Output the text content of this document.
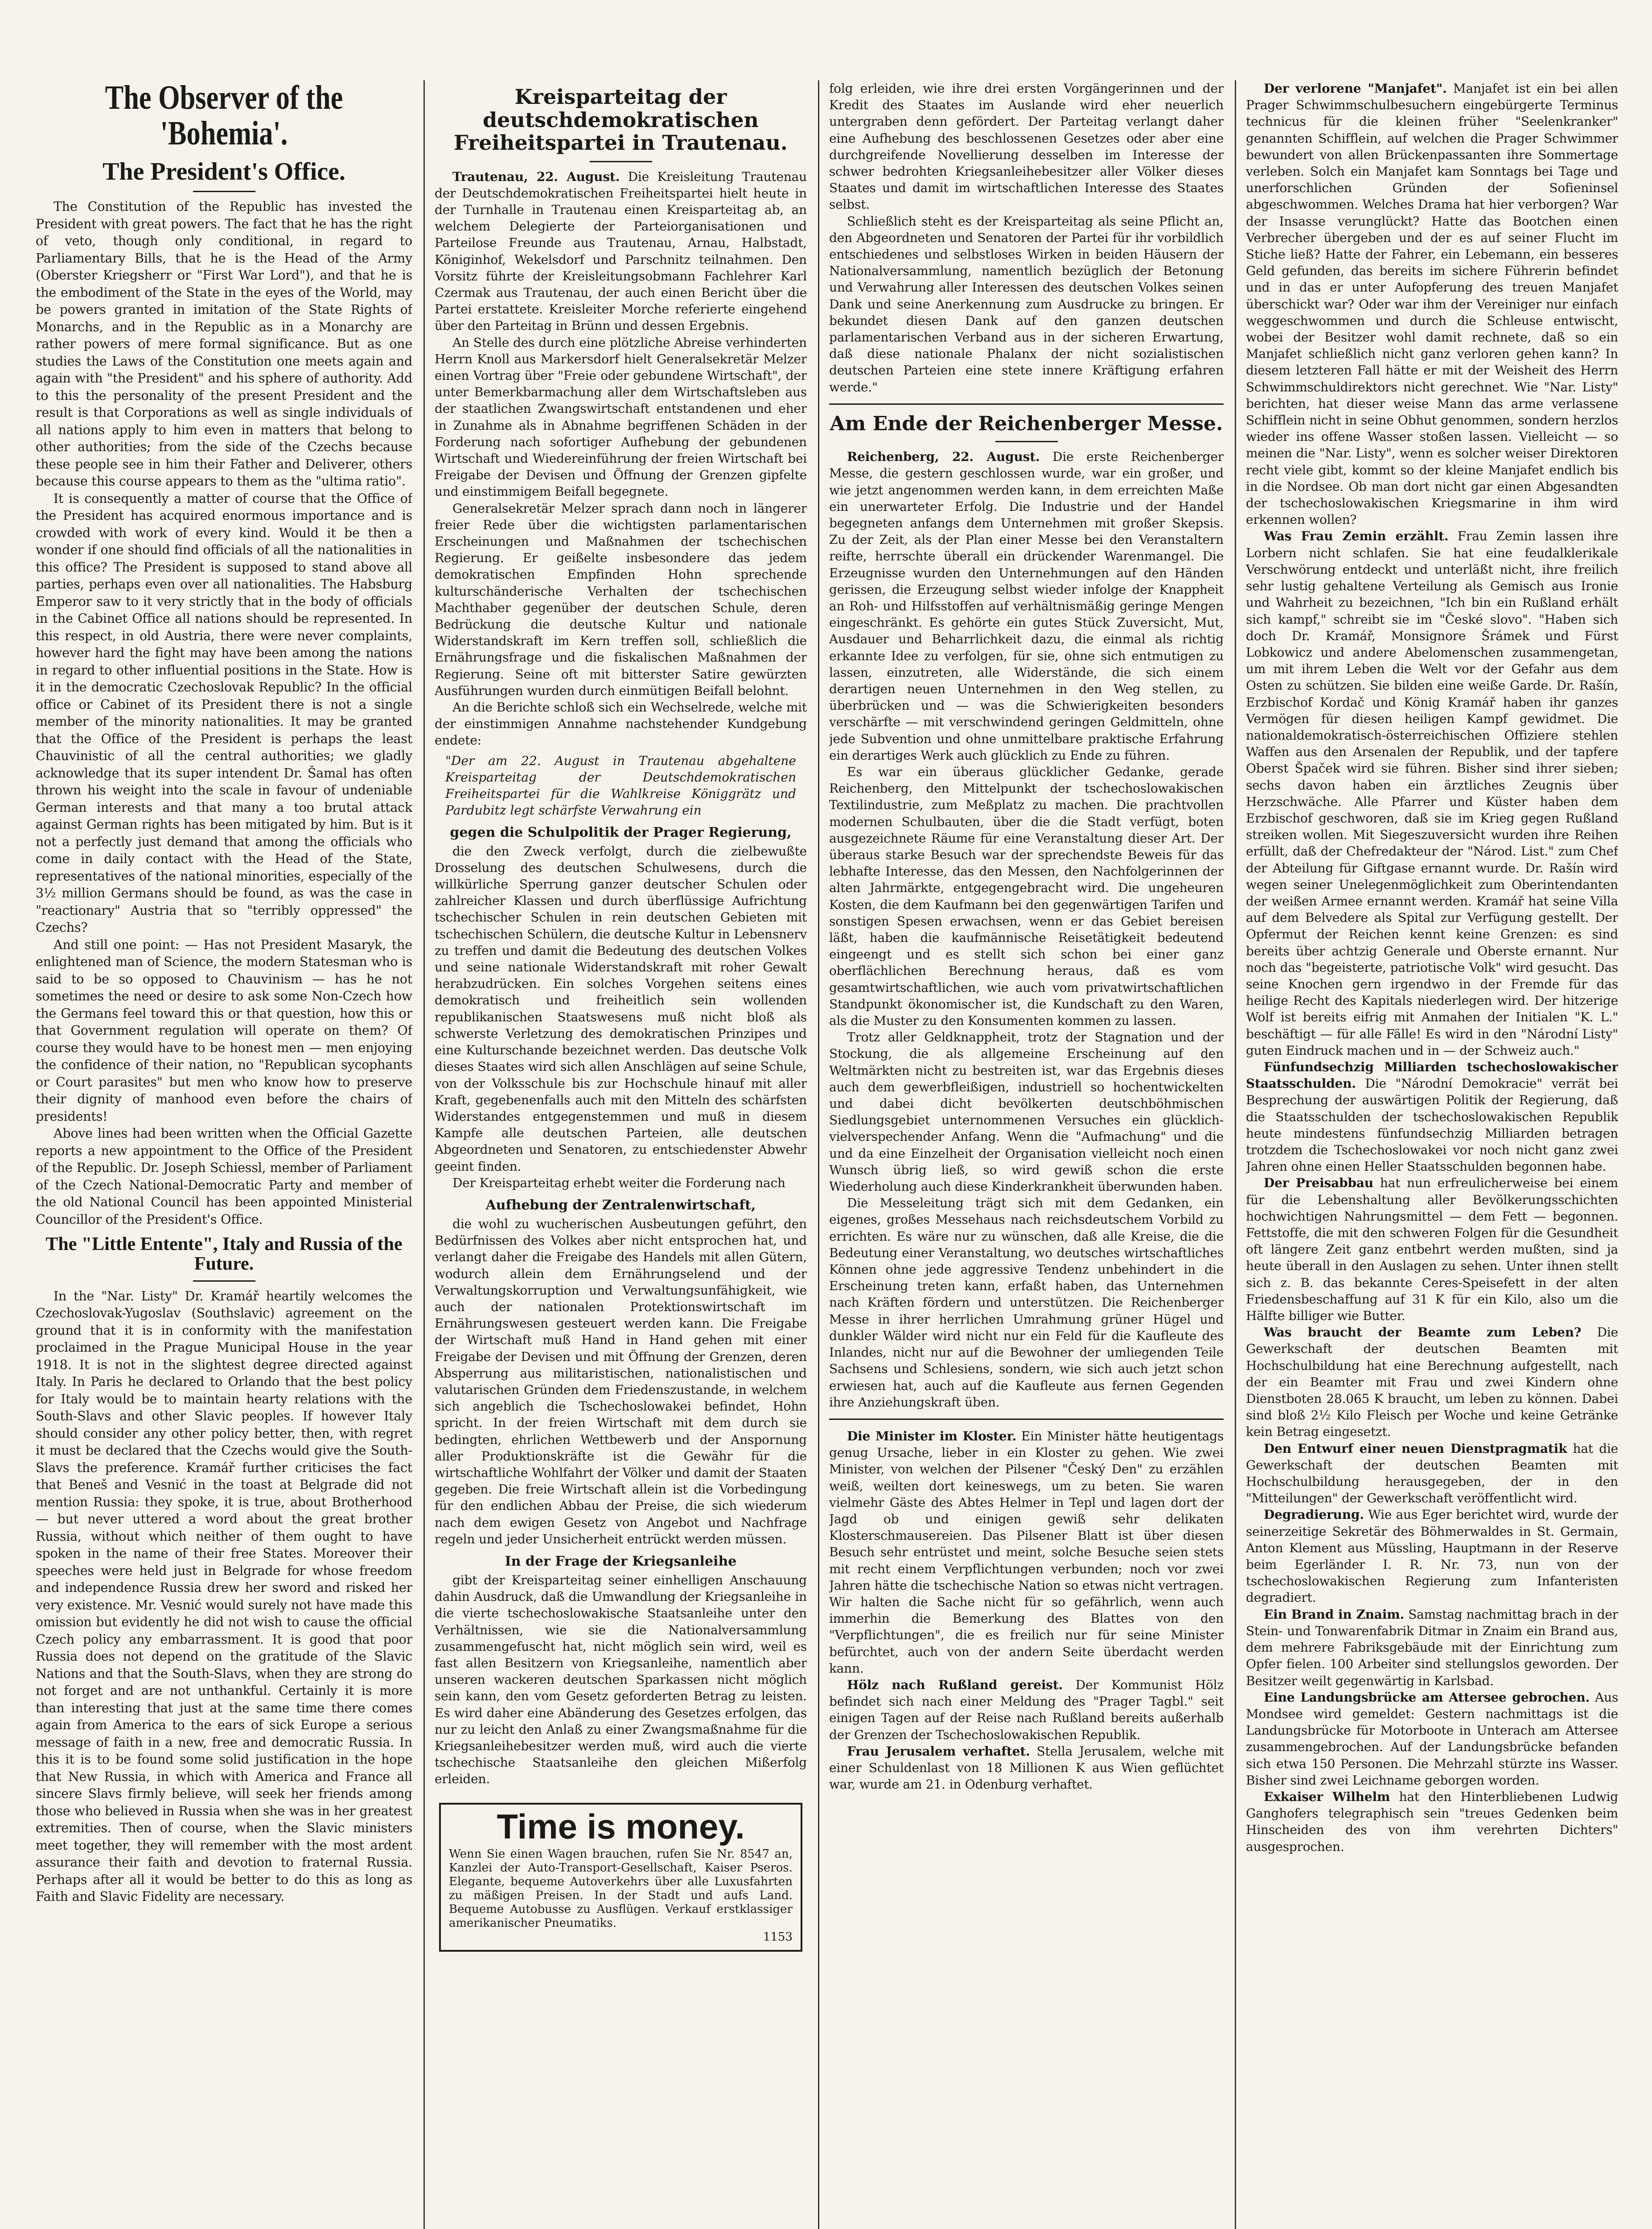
The Observer of the 'Bohemia'.
The President's Office.

The Constitution of the Republic has invested the President with great powers. The fact that he has the right of veto, though only conditional, in regard to Parliamentary Bills, that he is the Head of the Army (Oberster Kriegsherr or "First War Lord"), and that he is the embodiment of the State in the eyes of the World, may be powers granted in imitation of the State Rights of Monarchs, and in the Republic as in a Monarchy are rather powers of mere formal significance. But as one studies the Laws of the Constitution one meets again and again with "the President" and his sphere of authority. Add to this the personality of the present President and the result is that Corporations as well as single individuals of all nations apply to him even in matters that belong to other authorities; from the side of the Czechs because these people see in him their Father and Deliverer, others because this course appears to them as the "ultima ratio".

It is consequently a matter of course that the Office of the President has acquired enormous importance and is crowded with work of every kind. Would it be then a wonder if one should find officials of all the nationalities in this office? The President is supposed to stand above all parties, perhaps even over all nationalities. The Habsburg Emperor saw to it very strictly that in the body of officials in the Cabinet Office all nations should be represented. In this respect, in old Austria, there were never complaints, however hard the fight may have been among the nations in regard to other influential positions in the State. How is it in the democratic Czechoslovak Republic? In the official office or Cabinet of its President there is not a single member of the minority nationalities. It may be granted that the Office of the President is perhaps the least Chauvinistic of all the central authorities; we gladly acknowledge that its super intendent Dr. Šamal has often thrown his weight into the scale in favour of undeniable German interests and that many a too brutal attack against German rights has been mitigated by him. But is it not a perfectly just demand that among the officials who come in daily contact with the Head of the State, representatives of the national minorities, especially of the 3½ million Germans should be found, as was the case in "reactionary" Austria that so "terribly oppressed" the Czechs?

And still one point: — Has not President Masaryk, the enlightened man of Science, the modern Statesman who is said to be so opposed to Chauvinism — has he not sometimes the need or desire to ask some Non-Czech how the Germans feel toward this or that question, how this or that Government regulation will operate on them? Of course they would have to be honest men — men enjoying the confidence of their nation, no "Republican sycophants or Court parasites" but men who know how to preserve their dignity of manhood even before the chairs of presidents!

Above lines had been written when the Official Gazette reports a new appointment to the Office of the President of the Republic. Dr. Joseph Schiessl, member of Parliament of the Czech National-Democratic Party and member of the old National Council has been appointed Ministerial Councillor of the President's Office.

The "Little Entente", Italy and Russia of the Future.

In the "Nar. Listy" Dr. Kramář heartily welcomes the Czechoslovak-Yugoslav (Southslavic) agreement on the ground that it is in conformity with the manifestation proclaimed in the Prague Municipal House in the year 1918. It is not in the slightest degree directed against Italy. In Paris he declared to Orlando that the best policy for Italy would be to maintain hearty relations with the South-Slavs and other Slavic peoples. If however Italy should consider any other policy better, then, with regret it must be declared that the Czechs would give the South-Slavs the preference. Kramář further criticises the fact that Beneš and Vesnić in the toast at Belgrade did not mention Russia: they spoke, it is true, about Brotherhood — but never uttered a word about the great brother Russia, without which neither of them ought to have spoken in the name of their free States. Moreover their speeches were held just in Belgrade for whose freedom and independence Russia drew her sword and risked her very existence. Mr. Vesnić would surely not have made this omission but evidently he did not wish to cause the official Czech policy any embarrassment. It is good that poor Russia does not depend on the gratitude of the Slavic Nations and that the South-Slavs, when they are strong do not forget and are not unthankful. Certainly it is more than interesting that just at the same time there comes again from America to the ears of sick Europe a serious message of faith in a new, free and democratic Russia. In this it is to be found some solid justification in the hope that New Russia, in which with America and France all sincere Slavs firmly believe, will seek her friends among those who believed in Russia when she was in her greatest extremities. Then of course, when the Slavic ministers meet together, they will remember with the most ardent assurance their faith and devotion to fraternal Russia. Perhaps after all it would be better to do this as long as Faith and Slavic Fidelity are necessary.

Kreisparteitag der deutschdemokratischen Freiheitspartei in Trautenau.

Trautenau, 22. August. Die Kreisleitung Trautenau der Deutschdemokratischen Freiheitspartei hielt heute in der Turnhalle in Trautenau einen Kreisparteitag ab, an welchem Delegierte der Parteiorganisationen und Parteilose Freunde aus Trautenau, Arnau, Halbstadt, Königinhof, Wekelsdorf und Parschnitz teilnahmen. Den Vorsitz führte der Kreisleitungsobmann Fachlehrer Karl Czermak aus Trautenau, der auch einen Bericht über die Partei erstattete. Kreisleiter Morche referierte eingehend über den Parteitag in Brünn und dessen Ergebnis.

An Stelle des durch eine plötzliche Abreise verhinderten Herrn Knoll aus Markersdorf hielt Generalsekretär Melzer einen Vortrag über "Freie oder gebundene Wirtschaft", der unter Bemerkbarmachung aller dem Wirtschaftsleben aus der staatlichen Zwangswirtschaft entstandenen und eher in Zunahme als in Abnahme begriffenen Schäden in der Forderung nach sofortiger Aufhebung der gebundenen Wirtschaft und Wiedereinführung der freien Wirtschaft bei Freigabe der Devisen und Öffnung der Grenzen gipfelte und einstimmigem Beifall begegnete.

Generalsekretär Melzer sprach dann noch in längerer freier Rede über die wichtigsten parlamentarischen Erscheinungen und Maßnahmen der tschechischen Regierung. Er geißelte insbesondere das jedem demokratischen Empfinden Hohn sprechende kulturschänderische Verhalten der tschechischen Machthaber gegenüber der deutschen Schule, deren Bedrückung die deutsche Kultur und nationale Widerstandskraft im Kern treffen soll, schließlich die Ernährungsfrage und die fiskalischen Maßnahmen der Regierung. Seine oft mit bitterster Satire gewürzten Ausführungen wurden durch einmütigen Beifall belohnt.

An die Berichte schloß sich ein Wechselrede, welche mit der einstimmigen Annahme nachstehender Kundgebung endete:

"Der am 22. August in Trautenau abgehaltene Kreisparteitag der Deutschdemokratischen Freiheitspartei für die Wahlkreise Königgrätz und Pardubitz legt schärfste Verwahrung ein
gegen die Schulpolitik der Prager Regierung,

die den Zweck verfolgt, durch die zielbewußte Drosselung des deutschen Schulwesens, durch die willkürliche Sperrung ganzer deutscher Schulen oder zahlreicher Klassen und durch überflüssige Aufrichtung tschechischer Schulen in rein deutschen Gebieten mit tschechischen Schülern, die deutsche Kultur in Lebensnerv zu treffen und damit die Bedeutung des deutschen Volkes und seine nationale Widerstandskraft mit roher Gewalt herabzudrücken. Ein solches Vorgehen seitens eines demokratisch und freiheitlich sein wollenden republikanischen Staatswesens muß nicht bloß als schwerste Verletzung des demokratischen Prinzipes und eine Kulturschande bezeichnet werden. Das deutsche Volk dieses Staates wird sich allen Anschlägen auf seine Schule, von der Volksschule bis zur Hochschule hinauf mit aller Kraft, gegebenenfalls auch mit den Mitteln des schärfsten Widerstandes entgegenstemmen und muß in diesem Kampfe alle deutschen Parteien, alle deutschen Abgeordneten und Senatoren, zu entschiedenster Abwehr geeint finden.

Der Kreisparteitag erhebt weiter die Forderung nach

Aufhebung der Zentralenwirtschaft,

die wohl zu wucherischen Ausbeutungen geführt, den Bedürfnissen des Volkes aber nicht entsprochen hat, und verlangt daher die Freigabe des Handels mit allen Gütern, wodurch allein dem Ernährungselend und der Verwaltungskorruption und Verwaltungsunfähigkeit, wie auch der nationalen Protektionswirtschaft im Ernährungswesen gesteuert werden kann. Die Freigabe der Wirtschaft muß Hand in Hand gehen mit einer Freigabe der Devisen und mit Öffnung der Grenzen, deren Absperrung aus militaristischen, nationalistischen und valutarischen Gründen dem Friedenszustande, in welchem sich angeblich die Tschechoslowakei befindet, Hohn spricht. In der freien Wirtschaft mit dem durch sie bedingten, ehrlichen Wettbewerb und der Anspornung aller Produktionskräfte ist die Gewähr für die wirtschaftliche Wohlfahrt der Völker und damit der Staaten gegeben. Die freie Wirtschaft allein ist die Vorbedingung für den endlichen Abbau der Preise, die sich wiederum nach dem ewigen Gesetz von Angebot und Nachfrage regeln und jeder Unsicherheit entrückt werden müssen.

In der Frage der Kriegsanleihe

gibt der Kreisparteitag seiner einhelligen Anschauung dahin Ausdruck, daß die Umwandlung der Kriegsanleihe in die vierte tschechoslowakische Staatsanleihe unter den Verhältnissen, wie sie die Nationalversammlung zusammengefuscht hat, nicht möglich sein wird, weil es fast allen Besitzern von Kriegsanleihe, namentlich aber unseren wackeren deutschen Sparkassen nicht möglich sein kann, den vom Gesetz geforderten Betrag zu leisten. Es wird daher eine Abänderung des Gesetzes erfolgen, das nur zu leicht den Anlaß zu einer Zwangsmaßnahme für die Kriegsanleihebesitzer werden muß, wird auch die vierte tschechische Staatsanleihe den gleichen Mißerfolg erleiden.

Time is money.
Wenn Sie einen Wagen brauchen, rufen Sie Nr. 8547 an, Kanzlei der Auto-Transport-Gesellschaft, Kaiser Pseros. Elegante, bequeme Autoverkehrs über alle Luxusfahrten zu mäßigen Preisen. In der Stadt und aufs Land. Bequeme Autobusse zu Ausflügen. Verkauf erstklassiger amerikanischer Pneumatiks.
1153

folg erleiden, wie ihre drei ersten Vorgängerinnen und der Kredit des Staates im Auslande wird eher neuerlich untergraben denn gefördert. Der Parteitag verlangt daher eine Aufhebung des beschlossenen Gesetzes oder aber eine durchgreifende Novellierung desselben im Interesse der schwer bedrohten Kriegsanleihebesitzer aller Völker dieses Staates und damit im wirtschaftlichen Interesse des Staates selbst.

Schließlich steht es der Kreisparteitag als seine Pflicht an, den Abgeordneten und Senatoren der Partei für ihr vorbildlich entschiedenes und selbstloses Wirken in beiden Häusern der Nationalversammlung, namentlich bezüglich der Betonung und Verwahrung aller Interessen des deutschen Volkes seinen Dank und seine Anerkennung zum Ausdrucke zu bringen. Er bekundet diesen Dank auf den ganzen deutschen parlamentarischen Verband aus in der sicheren Erwartung, daß diese nationale Phalanx der nicht sozialistischen deutschen Parteien eine stete innere Kräftigung erfahren werde."

Am Ende der Reichenberger Messe.

Reichenberg, 22. August. Die erste Reichenberger Messe, die gestern geschlossen wurde, war ein großer, und wie jetzt angenommen werden kann, in dem erreichten Maße ein unerwarteter Erfolg. Die Industrie und der Handel begegneten anfangs dem Unternehmen mit großer Skepsis. Zu der Zeit, als der Plan einer Messe bei den Veranstaltern reifte, herrschte überall ein drückender Warenmangel. Die Erzeugnisse wurden den Unternehmungen auf den Händen gerissen, die Erzeugung selbst wieder infolge der Knappheit an Roh- und Hilfsstoffen auf verhältnismäßig geringe Mengen eingeschränkt. Es gehörte ein gutes Stück Zuversicht, Mut, Ausdauer und Beharrlichkeit dazu, die einmal als richtig erkannte Idee zu verfolgen, für sie, ohne sich entmutigen zu lassen, einzutreten, alle Widerstände, die sich einem derartigen neuen Unternehmen in den Weg stellen, zu überbrücken und — was die Schwierigkeiten besonders verschärfte — mit verschwindend geringen Geldmitteln, ohne jede Subvention und ohne unmittelbare praktische Erfahrung ein derartiges Werk auch glücklich zu Ende zu führen.

Es war ein überaus glücklicher Gedanke, gerade Reichenberg, den Mittelpunkt der tschechoslowakischen Textilindustrie, zum Meßplatz zu machen. Die prachtvollen modernen Schulbauten, über die die Stadt verfügt, boten ausgezeichnete Räume für eine Veranstaltung dieser Art. Der überaus starke Besuch war der sprechendste Beweis für das lebhafte Interesse, das den Messen, den Nachfolgerinnen der alten Jahrmärkte, entgegengebracht wird. Die ungeheuren Kosten, die dem Kaufmann bei den gegenwärtigen Tarifen und sonstigen Spesen erwachsen, wenn er das Gebiet bereisen läßt, haben die kaufmännische Reisetätigkeit bedeutend eingeengt und es stellt sich schon bei einer ganz oberflächlichen Berechnung heraus, daß es vom gesamtwirtschaftlichen, wie auch vom privatwirtschaftlichen Standpunkt ökonomischer ist, die Kundschaft zu den Waren, als die Muster zu den Konsumenten kommen zu lassen.

Trotz aller Geldknappheit, trotz der Stagnation und der Stockung, die als allgemeine Erscheinung auf den Weltmärkten nicht zu bestreiten ist, war das Ergebnis dieses auch dem gewerbfleißigen, industriell so hochentwickelten und dabei dicht bevölkerten deutschböhmischen Siedlungsgebiet unternommenen Versuches ein glücklich-vielverspechender Anfang. Wenn die "Aufmachung" und die und da eine Einzelheit der Organisation vielleicht noch einen Wunsch übrig ließ, so wird gewiß schon die erste Wiederholung auch diese Kinderkrankheit überwunden haben.

Die Messeleitung trägt sich mit dem Gedanken, ein eigenes, großes Messehaus nach reichsdeutschem Vorbild zu errichten. Es wäre nur zu wünschen, daß alle Kreise, die die Bedeutung einer Veranstaltung, wo deutsches wirtschaftliches Können ohne jede aggressive Tendenz unbehindert in die Erscheinung treten kann, erfaßt haben, das Unternehmen nach Kräften fördern und unterstützen. Die Reichenberger Messe in ihrer herrlichen Umrahmung grüner Hügel und dunkler Wälder wird nicht nur ein Feld für die Kaufleute des Inlandes, nicht nur auf die Bewohner der umliegenden Teile Sachsens und Schlesiens, sondern, wie sich auch jetzt schon erwiesen hat, auch auf die Kaufleute aus fernen Gegenden ihre Anziehungskraft üben.

Die Minister im Kloster. Ein Minister hätte heutigentags genug Ursache, lieber in ein Kloster zu gehen. Wie zwei Minister, von welchen der Pilsener "Český Den" zu erzählen weiß, weilten dort keineswegs, um zu beten. Sie waren vielmehr Gäste des Abtes Helmer in Tepl und lagen dort der Jagd ob und einigen gewiß sehr delikaten Klosterschmausereien. Das Pilsener Blatt ist über diesen Besuch sehr entrüstet und meint, solche Besuche seien stets mit recht einem Verpflichtungen verbunden; noch vor zwei Jahren hätte die tschechische Nation so etwas nicht vertragen. Wir halten die Sache nicht für so gefährlich, wenn auch immerhin die Bemerkung des Blattes von den "Verpflichtungen", die es freilich nur für seine Minister befürchtet, auch von der andern Seite überdacht werden kann.

Hölz nach Rußland gereist. Der Kommunist Hölz befindet sich nach einer Meldung des "Prager Tagbl." seit einigen Tagen auf der Reise nach Rußland bereits außerhalb der Grenzen der Tschechoslowakischen Republik.

Frau Jerusalem verhaftet. Stella Jerusalem, welche mit einer Schuldenlast von 18 Millionen K aus Wien geflüchtet war, wurde am 21. in Odenburg verhaftet.

Der verlorene "Manjafet". Manjafet ist ein bei allen Prager Schwimmschulbesuchern eingebürgerte Terminus technicus für die kleinen früher "Seelenkranker" genannten Schifflein, auf welchen die Prager Schwimmer bewundert von allen Brückenpassanten ihre Sommertage verleben. Solch ein Manjafet kam Sonntags bei Tage und unerforschlichen Gründen der Sofieninsel abgeschwommen. Welches Drama hat hier verborgen? War der Insasse verunglückt? Hatte das Bootchen einen Verbrecher übergeben und der es auf seiner Flucht im Stiche ließ? Hatte der Fahrer, ein Lebemann, ein besseres Geld gefunden, das bereits im sichere Führerin befindet und in das er unter Aufopferung des treuen Manjafet überschickt war? Oder war ihm der Vereiniger nur einfach weggeschwommen und durch die Schleuse entwischt, wobei der Besitzer wohl damit rechnete, daß so ein Manjafet schließlich nicht ganz verloren gehen kann? In diesem letzteren Fall hätte er mit der Weisheit des Herrn Schwimmschuldirektors nicht gerechnet. Wie "Nar. Listy" berichten, hat dieser weise Mann das arme verlassene Schifflein nicht in seine Obhut genommen, sondern herzlos wieder ins offene Wasser stoßen lassen. Vielleicht — so meinen die "Nar. Listy", wenn es solcher weiser Direktoren recht viele gibt, kommt so der kleine Manjafet endlich bis in die Nordsee. Ob man dort nicht gar einen Abgesandten der tschechoslowakischen Kriegsmarine in ihm wird erkennen wollen?

Was Frau Zemin erzählt. Frau Zemin lassen ihre Lorbern nicht schlafen. Sie hat eine feudalklerikale Verschwörung entdeckt und unterläßt nicht, ihre freilich sehr lustig gehaltene Verteilung als Gemisch aus Ironie und Wahrheit zu bezeichnen, "Ich bin ein Rußland erhält sich kampf," schreibt sie im "České slovo". "Haben sich doch Dr. Kramář, Monsignore Šrámek und Fürst Lobkowicz und andere Abelomenschen zusammengetan, um mit ihrem Leben die Welt vor der Gefahr aus dem Osten zu schützen. Sie bilden eine weiße Garde. Dr. Rašín, Erzbischof Kordač und König Kramář haben ihr ganzes Vermögen für diesen heiligen Kampf gewidmet. Die nationaldemokratisch-österreichischen Offiziere stehlen Waffen aus den Arsenalen der Republik, und der tapfere Oberst Špaček wird sie führen. Bisher sind ihrer sieben; sechs davon haben ein ärztliches Zeugnis über Herzschwäche. Alle Pfarrer und Küster haben dem Erzbischof geschworen, daß sie im Krieg gegen Rußland streiken wollen. Mit Siegeszuversicht wurden ihre Reihen erfüllt, daß der Chefredakteur der "Národ. List." zum Chef der Abteilung für Giftgase ernannt wurde. Dr. Rašín wird wegen seiner Unelegenmöglichkeit zum Oberintendanten der weißen Armee ernannt werden. Kramář hat seine Villa auf dem Belvedere als Spital zur Verfügung gestellt. Der Opfermut der Reichen kennt keine Grenzen: es sind bereits über achtzig Generale und Oberste ernannt. Nur noch das "begeisterte, patriotische Volk" wird gesucht. Das seine Knochen gern irgendwo in der Fremde für das heilige Recht des Kapitals niederlegen wird. Der hitzerige Wolf ist bereits eifrig mit Anmahen der Initialen "K. L." beschäftigt — für alle Fälle! Es wird in den "Národní Listy" guten Eindruck machen und in — der Schweiz auch."

Fünfundsechzig Milliarden tschechoslowakischer Staatsschulden. Die "Národní Demokracie" verrät bei Besprechung der auswärtigen Politik der Regierung, daß die Staatsschulden der tschechoslowakischen Republik heute mindestens fünfundsechzig Milliarden betragen trotzdem die Tschechoslowakei vor noch nicht ganz zwei Jahren ohne einen Heller Staatsschulden begonnen habe.

Der Preisabbau hat nun erfreulicherweise bei einem für die Lebenshaltung aller Bevölkerungsschichten hochwichtigen Nahrungsmittel — dem Fett — begonnen. Fettstoffe, die mit den schweren Folgen für die Gesundheit oft längere Zeit ganz entbehrt werden mußten, sind ja heute überall in den Auslagen zu sehen. Unter ihnen stellt sich z. B. das bekannte Ceres-Speisefett in der alten Friedensbeschaffung auf 31 K für ein Kilo, also um die Hälfte billiger wie Butter.

Was braucht der Beamte zum Leben? Die Gewerkschaft der deutschen Beamten mit Hochschulbildung hat eine Berechnung aufgestellt, nach der ein Beamter mit Frau und zwei Kindern ohne Dienstboten 28.065 K braucht, um leben zu können. Dabei sind bloß 2½ Kilo Fleisch per Woche und keine Getränke kein Betrag eingesetzt.

Den Entwurf einer neuen Dienstpragmatik hat die Gewerkschaft der deutschen Beamten mit Hochschulbildung herausgegeben, der in den "Mitteilungen" der Gewerkschaft veröffentlicht wird.

Degradierung. Wie aus Eger berichtet wird, wurde der seinerzeitige Sekretär des Böhmerwaldes in St. Germain, Anton Klement aus Müssling, Hauptmann in der Reserve beim Egerländer I. R. Nr. 73, nun von der tschechoslowakischen Regierung zum Infanteristen degradiert.

Ein Brand in Znaim. Samstag nachmittag brach in der Stein- und Tonwarenfabrik Ditmar in Znaim ein Brand aus, dem mehrere Fabriksgebäude mit der Einrichtung zum Opfer fielen. 100 Arbeiter sind stellungslos geworden. Der Besitzer weilt gegenwärtig in Karlsbad.

Eine Landungsbrücke am Attersee gebrochen. Aus Mondsee wird gemeldet: Gestern nachmittags ist die Landungsbrücke für Motorboote in Unterach am Attersee zusammengebrochen. Auf der Landungsbrücke befanden sich etwa 150 Personen. Die Mehrzahl stürzte ins Wasser. Bisher sind zwei Leichname geborgen worden.

Exkaiser Wilhelm hat den Hinterbliebenen Ludwig Ganghofers telegraphisch sein "treues Gedenken beim Hinscheiden des von ihm verehrten Dichters" ausgesprochen.
